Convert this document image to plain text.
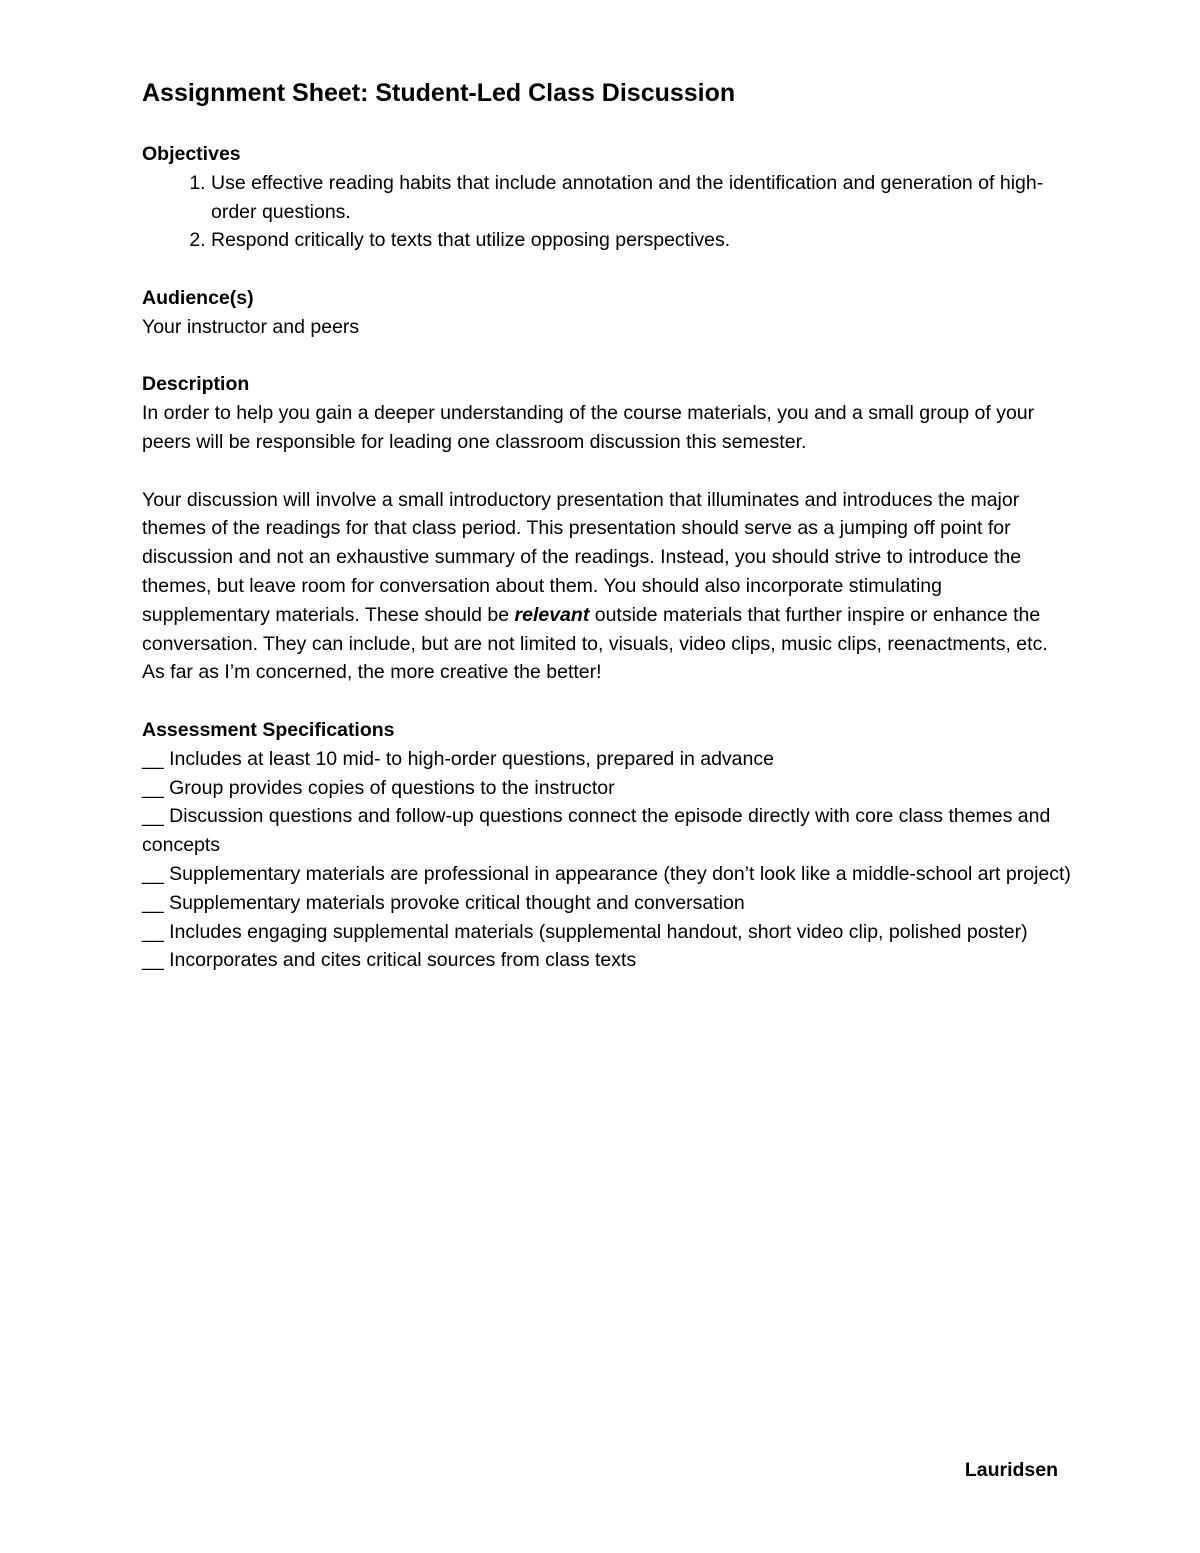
Assignment Sheet: Student-Led Class Discussion
Objectives
1. Use effective reading habits that include annotation and the identification and generation of high-order questions.
2. Respond critically to texts that utilize opposing perspectives.
Audience(s)

Your instructor and peers

Description

In order to help you gain a deeper understanding of the course materials, you and a small group of your peers will be responsible for leading one classroom discussion this semester.

Your discussion will involve a small introductory presentation that illuminates and introduces the major themes of the readings for that class period. This presentation should serve as a jumping off point for discussion and not an exhaustive summary of the readings. Instead, you should strive to introduce the themes, but leave room for conversation about them. You should also incorporate stimulating supplementary materials. These should be relevant outside materials that further inspire or enhance the conversation. They can include, but are not limited to, visuals, video clips, music clips, reenactments, etc. As far as I’m concerned, the more creative the better!

Assessment Specifications
__ Includes at least 10 mid- to high-order questions, prepared in advance
__ Group provides copies of questions to the instructor
__ Discussion questions and follow-up questions connect the episode directly with core class themes and concepts
__ Supplementary materials are professional in appearance (they don’t look like a middle-school art project)
__ Supplementary materials provoke critical thought and conversation
__ Includes engaging supplemental materials (supplemental handout, short video clip, polished poster)
__ Incorporates and cites critical sources from class texts
Lauridsen
